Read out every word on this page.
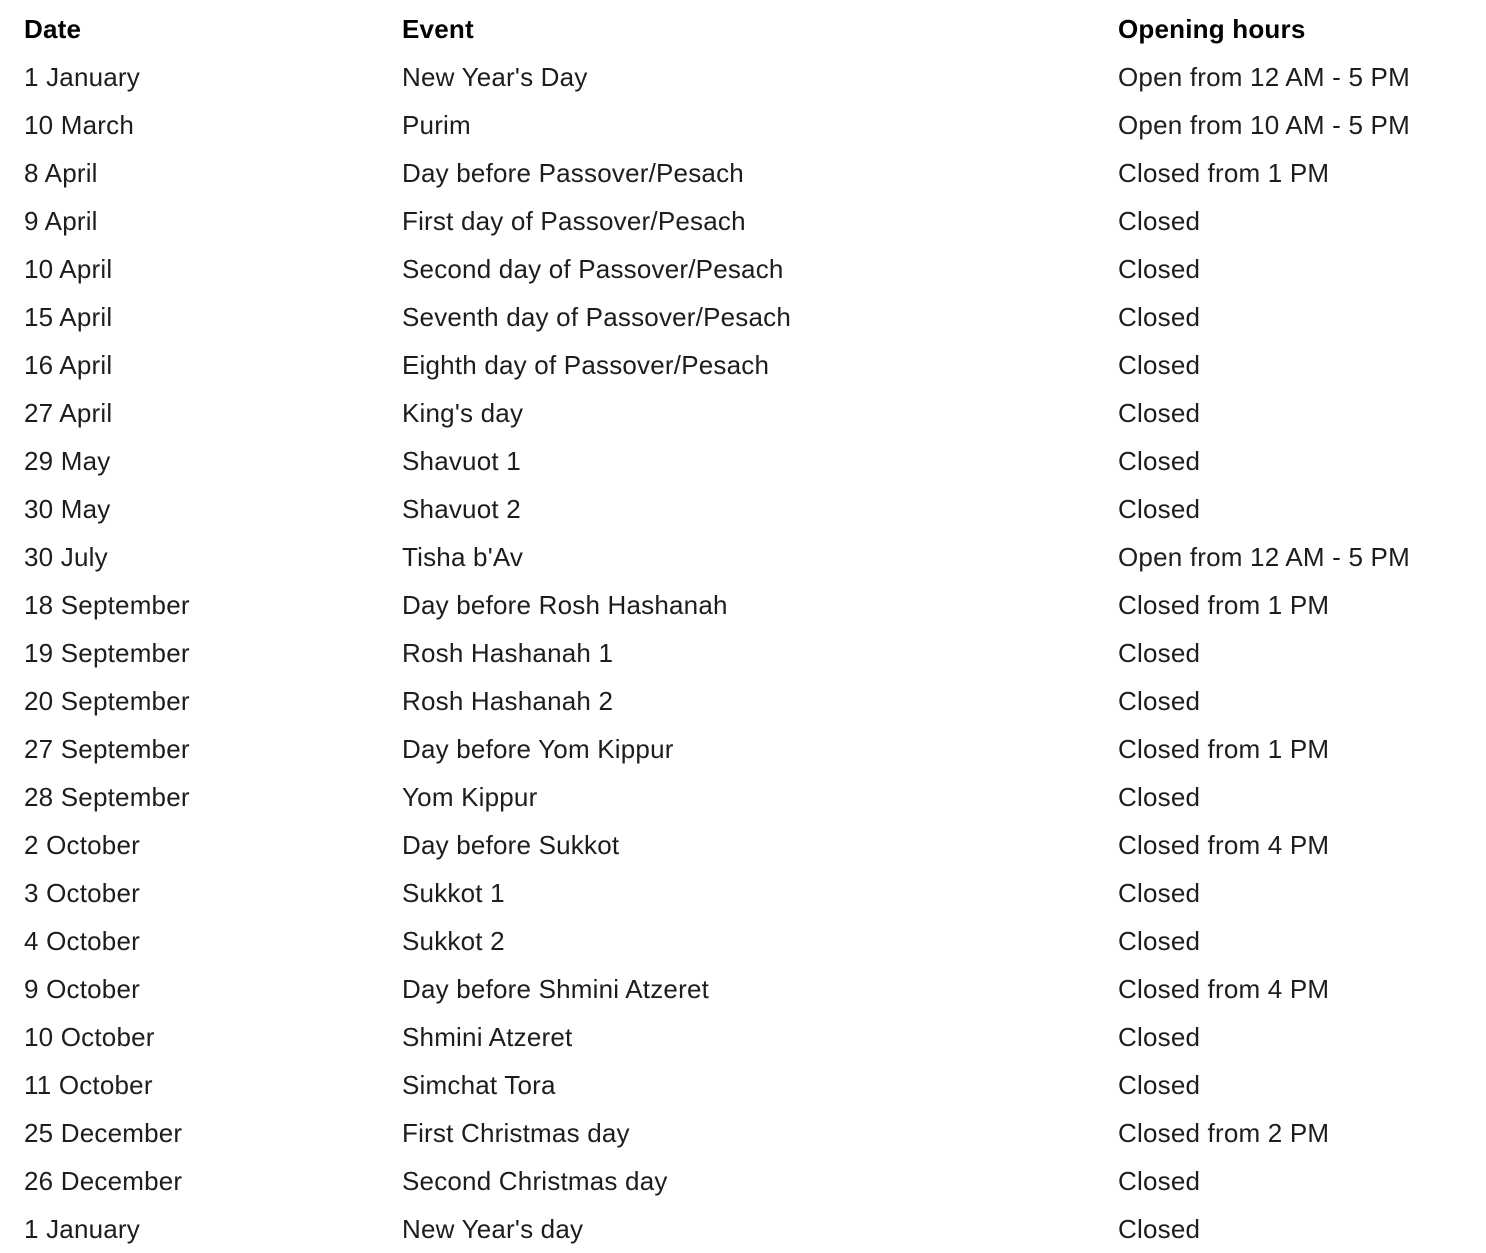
Date	Event	Opening hours
1 January	New Year's Day	Open from 12 AM - 5 PM
10 March	Purim	Open from 10 AM - 5 PM
8 April	Day before Passover/Pesach	Closed from 1 PM
9 April	First day of Passover/Pesach	Closed
10 April	Second day of Passover/Pesach	Closed
15 April	Seventh day of Passover/Pesach	Closed
16 April	Eighth day of Passover/Pesach	Closed
27 April	King's day	Closed
29 May	Shavuot 1	Closed
30 May	Shavuot 2	Closed
30 July	Tisha b'Av	Open from 12 AM - 5 PM
18 September	Day before Rosh Hashanah	Closed from 1 PM
19 September	Rosh Hashanah 1	Closed
20 September	Rosh Hashanah 2	Closed
27 September	Day before Yom Kippur	Closed from 1 PM
28 September	Yom Kippur	Closed
2 October	Day before Sukkot	Closed from 4 PM
3 October	Sukkot 1	Closed
4 October	Sukkot 2	Closed
9 October	Day before Shmini Atzeret	Closed from 4 PM
10 October	Shmini Atzeret	Closed
11 October	Simchat Tora	Closed
25 December	First Christmas day	Closed from 2 PM
26 December	Second Christmas day	Closed
1 January	New Year's day	Closed
